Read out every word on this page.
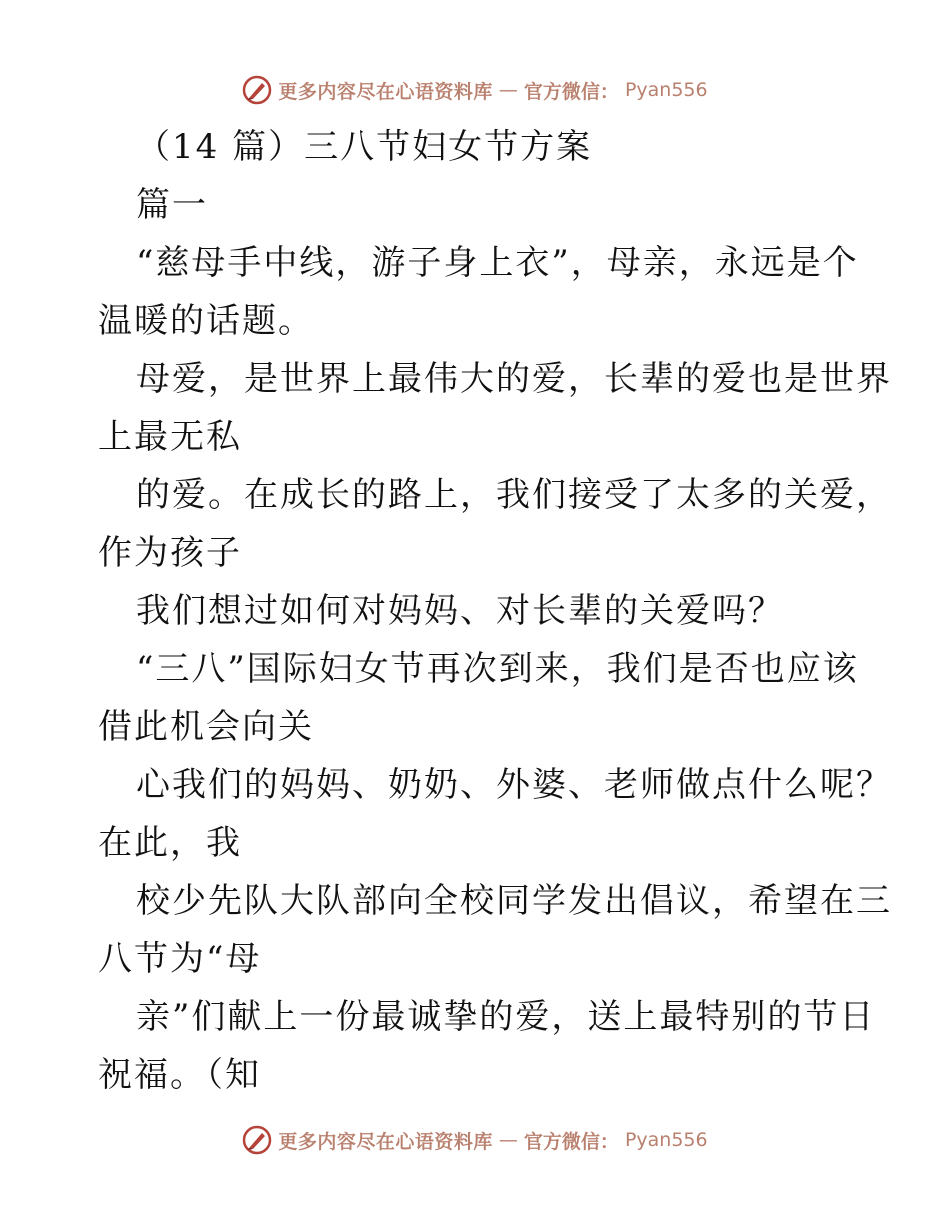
更多内容尽在心语资料库 — 官方微信： Pyan556
（14 篇）三八节妇女节方案
篇一
“慈母手中线，游子身上衣”，母亲，永远是个
温暖的话题。
母爱，是世界上最伟大的爱，长辈的爱也是世界
上最无私
的爱。在成长的路上，我们接受了太多的关爱，
作为孩子
我们想过如何对妈妈、对长辈的关爱吗？
“三八”国际妇女节再次到来，我们是否也应该
借此机会向关
心我们的妈妈、奶奶、外婆、老师做点什么呢？
在此，我
校少先队大队部向全校同学发出倡议，希望在三
八节为“母
亲”们献上一份最诚挚的爱，送上最特别的节日
祝福。（知
更多内容尽在心语资料库 — 官方微信： Pyan556
